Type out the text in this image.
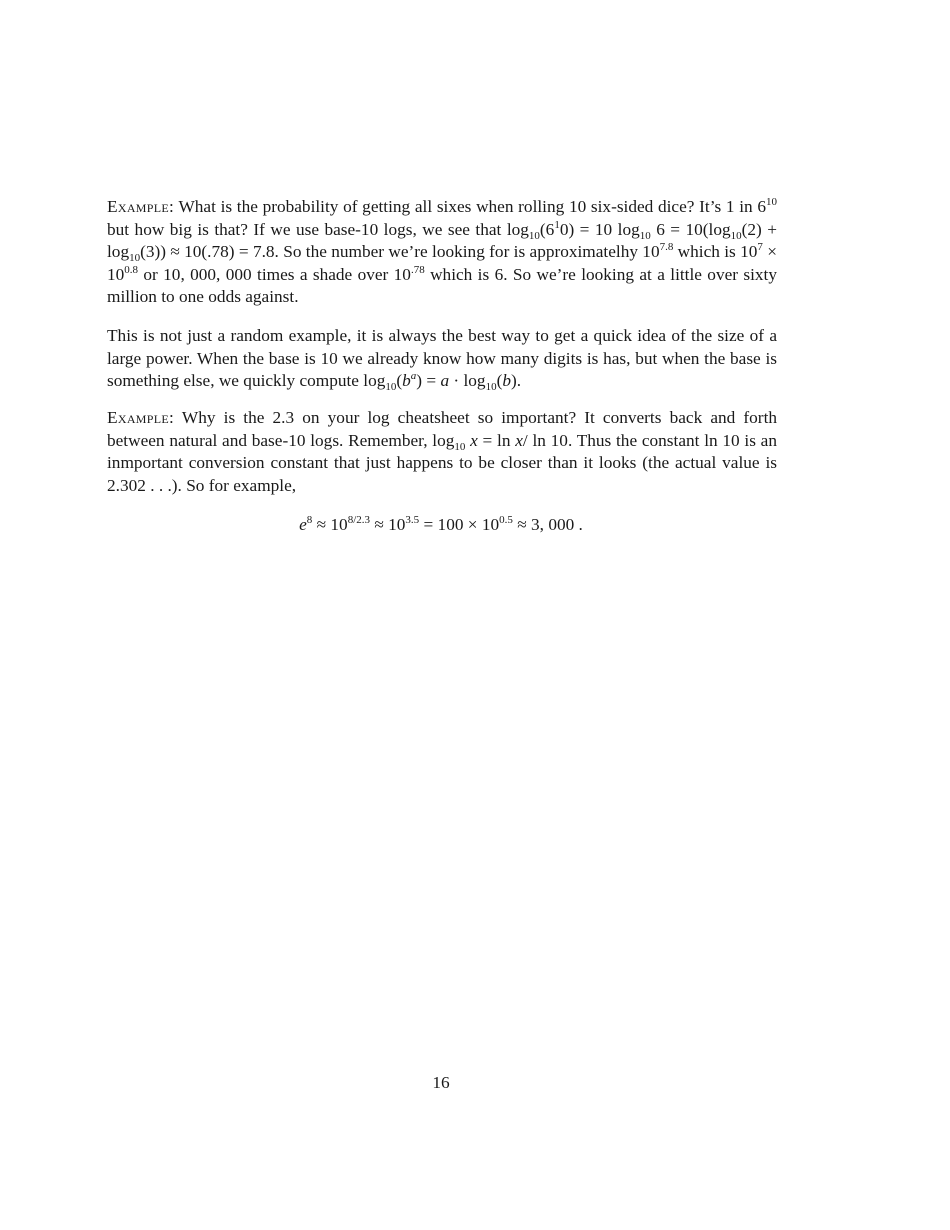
Example: What is the probability of getting all sixes when rolling 10 six-sided dice? It’s 1 in $6^{10}$ but how big is that? If we use base-10 logs, we see that $\log_{10}(6^10) = 10$ $\log_{10} 6 = 10(\log_{10}(2) + \log_{10}(3)) \approx 10(.78) = 7.8$. So the number we’re looking for is approximatelhy $10^{7.8}$ which is $10^7 \times 10^{0.8}$ or 10, 000, 000 times a shade over $10^{.78}$ which is 6. So we’re looking at a little over sixty million to one odds against.

This is not just a random example, it is always the best way to get a quick idea of the size of a large power. When the base is 10 we already know how many digits is has, but when the base is something else, we quickly compute $\log_{10}(b^a) = a \cdot \log_{10}(b)$.

Example: Why is the 2.3 on your log cheatsheet so important? It converts back and forth between natural and base-10 logs. Remember, $\log_{10} x = \ln x/$ ln 10. Thus the constant ln 10 is an inmportant conversion constant that just happens to be closer than it looks (the actual value is 2.302 . . .). So for example,

$e^8 \approx 10^{8/2.3} \approx 10^{3.5} = 100 \times 10^{0.5} \approx 3$, 000 .
16
